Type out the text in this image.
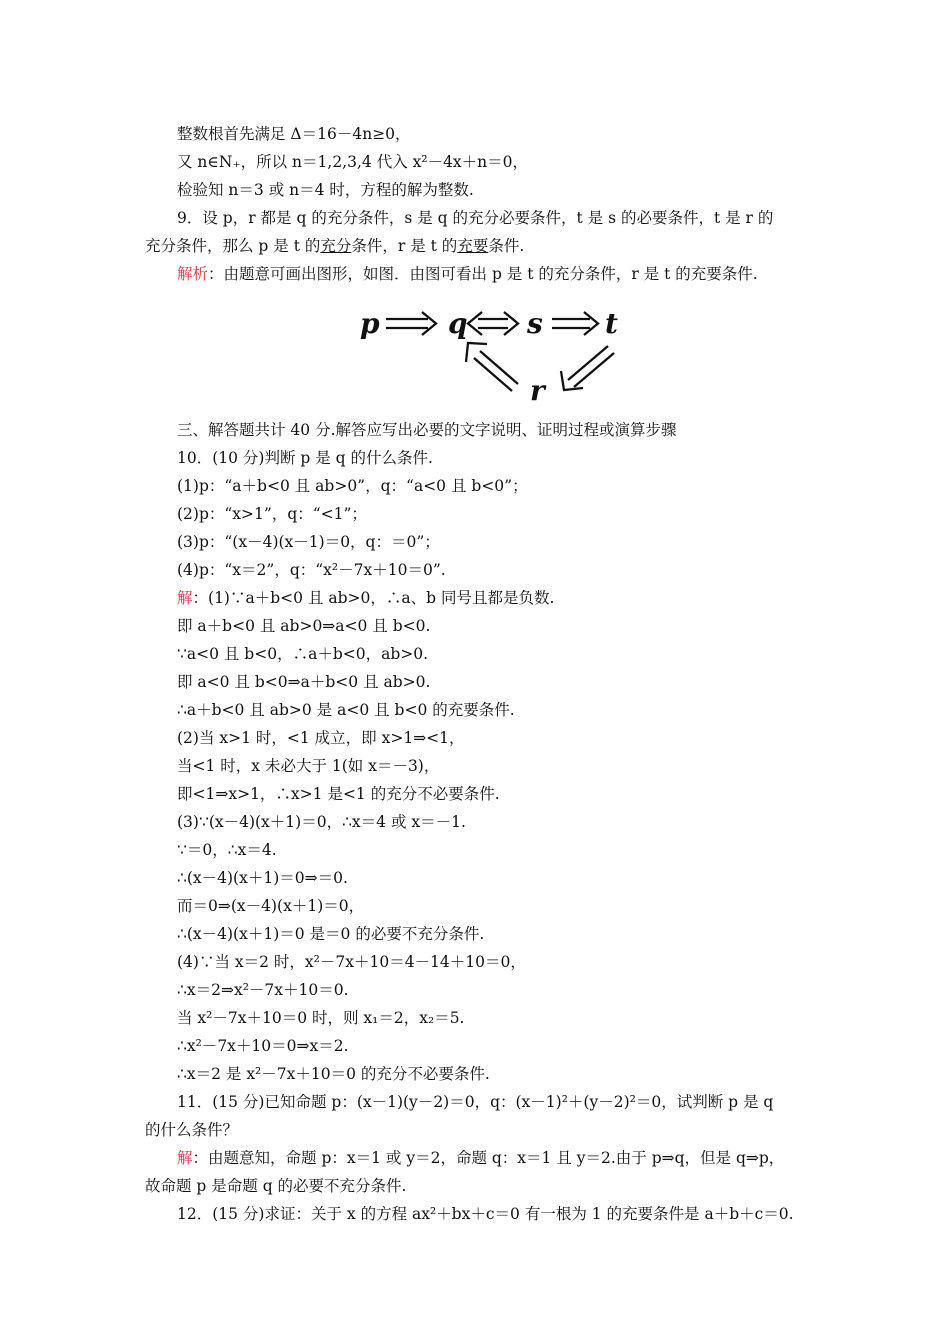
整数根首先满足 Δ＝16－4n≥0，
又 n∈N₊，所以 n＝1,2,3,4 代入 x²－4x＋n＝0，
检验知 n＝3 或 n＝4 时，方程的解为整数.
9．设 p，r 都是 q 的充分条件，s 是 q 的充分必要条件，t 是 s 的必要条件，t 是 r 的
充分条件，那么 p 是 t 的充分条件，r 是 t 的充要条件.
解析：由题意可画出图形，如图．由图可看出 p 是 t 的充分条件，r 是 t 的充要条件.
p q s t
r
三、解答题共计 40 分.解答应写出必要的文字说明、证明过程或演算步骤
10．(10 分)判断 p 是 q 的什么条件.
(1)p：“a＋b<0 且 ab>0”，q：“a<0 且 b<0”；
(2)p：“x>1”，q：“<1”；
(3)p：“(x－4)(x－1)＝0，q：＝0”；
(4)p：“x＝2”，q：“x²－7x＋10＝0”.
解：(1)∵a＋b<0 且 ab>0，∴a、b 同号且都是负数.
即 a＋b<0 且 ab>0⇒a<0 且 b<0.
∵a<0 且 b<0，∴a＋b<0，ab>0.
即 a<0 且 b<0⇒a＋b<0 且 ab>0.
∴a＋b<0 且 ab>0 是 a<0 且 b<0 的充要条件.
(2)当 x>1 时，<1 成立，即 x>1⇒<1，
当<1 时，x 未必大于 1(如 x＝－3)，
即<1⇒x>1，∴x>1 是<1 的充分不必要条件.
(3)∵(x－4)(x＋1)＝0，∴x＝4 或 x＝－1.
∵＝0，∴x＝4.
∴(x－4)(x＋1)＝0⇒＝0.
而＝0⇒(x－4)(x＋1)＝0，
∴(x－4)(x＋1)＝0 是＝0 的必要不充分条件.
(4)∵当 x＝2 时，x²－7x＋10＝4－14＋10＝0，
∴x＝2⇒x²－7x＋10＝0.
当 x²－7x＋10＝0 时，则 x₁＝2，x₂＝5.
∴x²－7x＋10＝0⇒x＝2.
∴x＝2 是 x²－7x＋10＝0 的充分不必要条件.
11．(15 分)已知命题 p：(x－1)(y－2)＝0，q：(x－1)²＋(y－2)²＝0，试判断 p 是 q
的什么条件？
解：由题意知，命题 p：x＝1 或 y＝2，命题 q：x＝1 且 y＝2.由于 p⇒q，但是 q⇒p，
故命题 p 是命题 q 的必要不充分条件.
12．(15 分)求证：关于 x 的方程 ax²＋bx＋c＝0 有一根为 1 的充要条件是 a＋b＋c＝0.
